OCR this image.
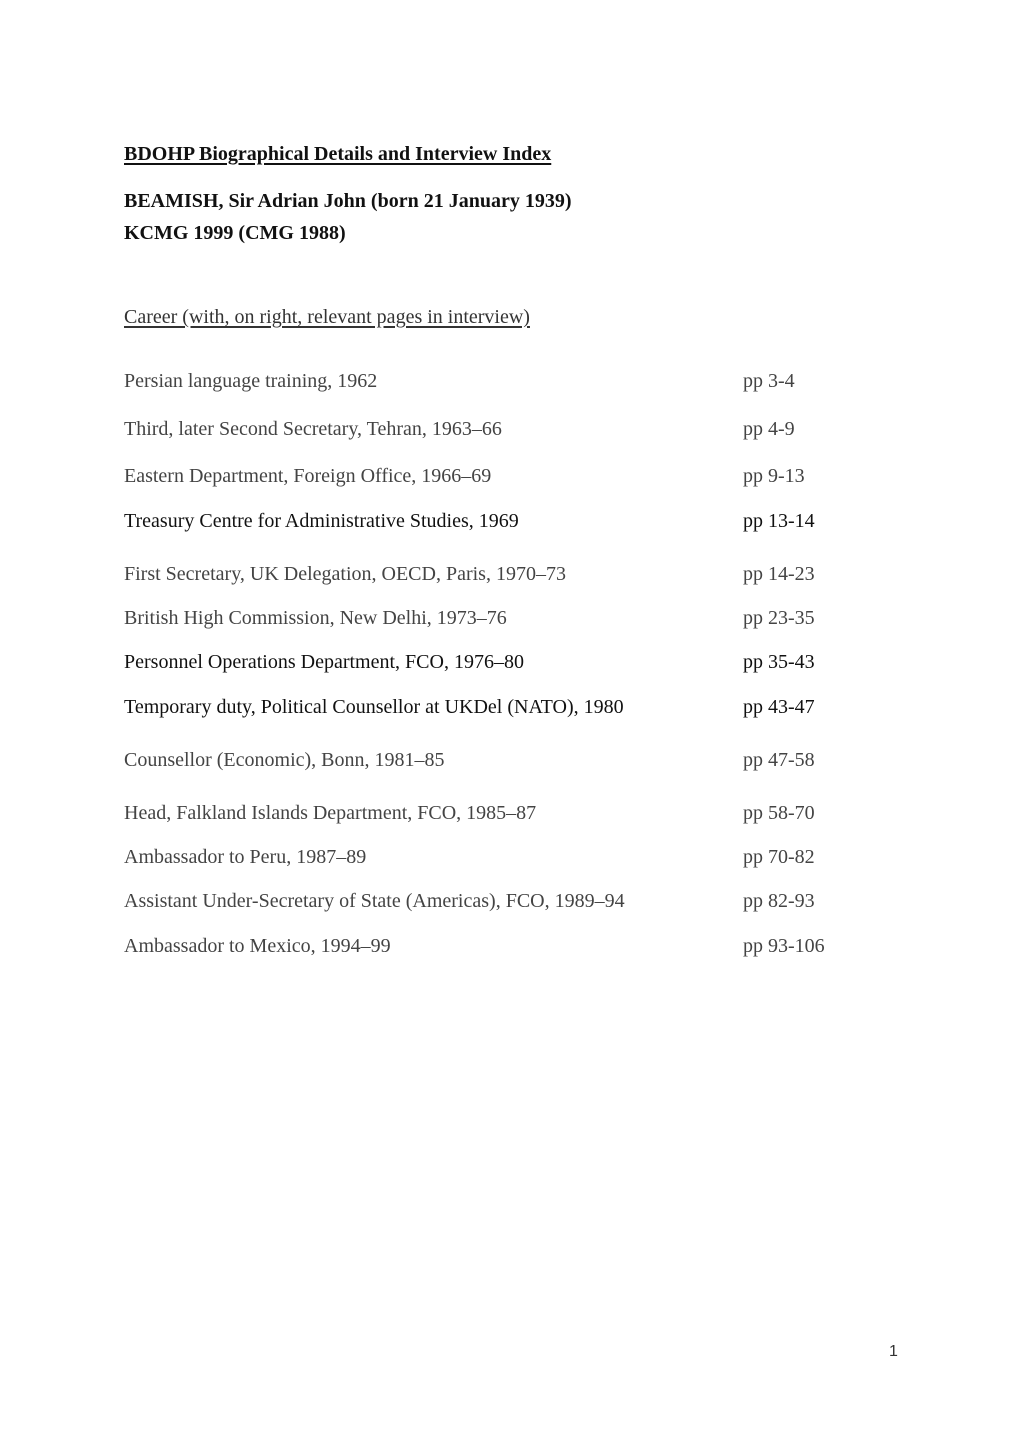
BDOHP Biographical Details and Interview Index
BEAMISH, Sir Adrian John (born 21 January 1939)
KCMG 1999 (CMG 1988)
Career (with, on right, relevant pages in interview)
Persian language training, 1962	pp 3-4
Third, later Second Secretary, Tehran, 1963–66	pp 4-9
Eastern Department, Foreign Office, 1966–69	pp 9-13
Treasury Centre for Administrative Studies, 1969	pp 13-14
First Secretary, UK Delegation, OECD, Paris, 1970–73	pp 14-23
British High Commission, New Delhi, 1973–76	pp 23-35
Personnel Operations Department, FCO, 1976–80	pp 35-43
Temporary duty, Political Counsellor at UKDel (NATO), 1980	pp 43-47
Counsellor (Economic), Bonn, 1981–85	pp 47-58
Head, Falkland Islands Department, FCO, 1985–87	pp 58-70
Ambassador to Peru, 1987–89	pp 70-82
Assistant Under-Secretary of State (Americas), FCO, 1989–94	pp 82-93
Ambassador to Mexico, 1994–99	pp 93-106
1
